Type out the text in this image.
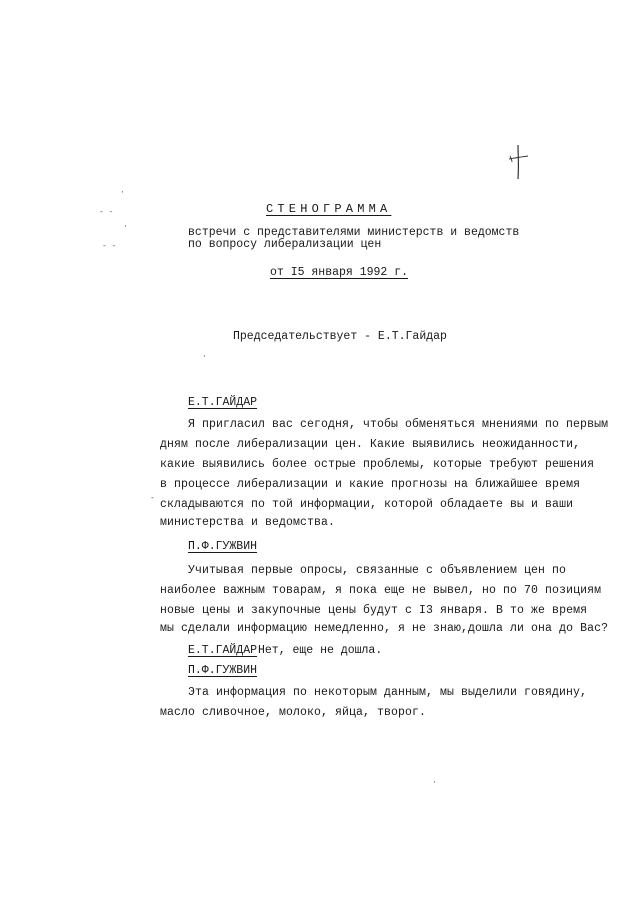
·
- -
·
- -
·
·
-
СТЕНОГРАММА
встречи с представителями министерств и ведомств
по вопросу либерализации цен
от I5 января 1992 г.
Председательствует - Е.Т.Гайдар
Е.Т.ГАЙДАР
Я пригласил вас сегодня, чтобы обменяться мнениями по первым
дням после либерализации цен. Какие выявились неожиданности,
какие выявились более острые проблемы, которые требуют решения
в процессе либерализации и какие прогнозы на ближайшее время
складываются по той информации, которой обладаете вы и ваши
министерства и ведомства.
П.Ф.ГУЖВИН
Учитывая первые опросы, связанные с объявлением цен по
наиболее важным товарам, я пока еще не вывел, но по 70 позициям
новые цены и закупочные цены будут с I3 января. В то же время
мы сделали информацию немедленно, я не знаю,дошла ли она до Вас?
Е.Т.ГАЙДАР Нет, еще не дошла.
П.Ф.ГУЖВИН
Эта информация по некоторым данным, мы выделили говядину,
масло сливочное, молоко, яйца, творог.
